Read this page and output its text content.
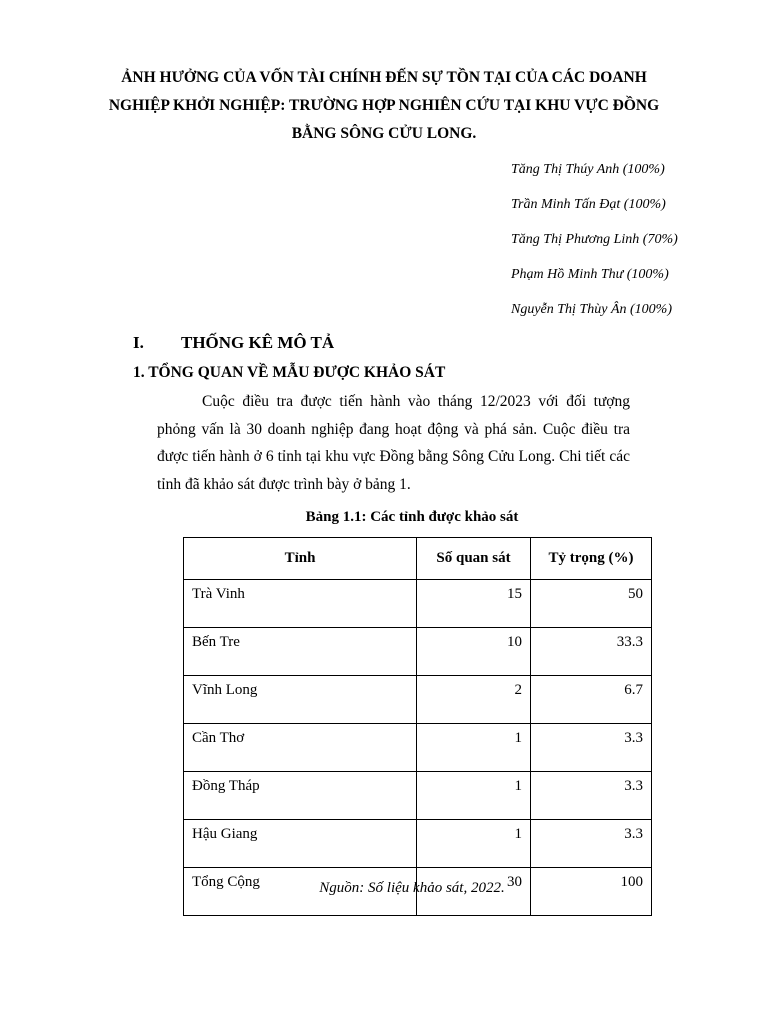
ẢNH HƯỞNG CỦA VỐN TÀI CHÍNH ĐẾN SỰ TỒN TẠI CỦA CÁC DOANH NGHIỆP KHỞI NGHIỆP: TRƯỜNG HỢP NGHIÊN CỨU TẠI KHU VỰC ĐỒNG BẰNG SÔNG CỬU LONG.
Tăng Thị Thúy Anh (100%)
Trần Minh Tấn Đạt (100%)
Tăng Thị Phương Linh (70%)
Phạm Hồ Minh Thư (100%)
Nguyễn Thị Thùy Ân (100%)
I. THỐNG KÊ MÔ TẢ
1. TỔNG QUAN VỀ MẪU ĐƯỢC KHẢO SÁT
Cuộc điều tra được tiến hành vào tháng 12/2023 với đối tượng phỏng vấn là 30 doanh nghiệp đang hoạt động và phá sản. Cuộc điều tra được tiến hành ở 6 tỉnh tại khu vực Đồng bằng Sông Cửu Long. Chi tiết các tỉnh đã khảo sát được trình bày ở bảng 1.
Bảng 1.1: Các tỉnh được khảo sát
Tỉnh	Số quan sát	Tỷ trọng (%)
Trà Vinh	15	50
Bến Tre	10	33.3
Vĩnh Long	2	6.7
Cần Thơ	1	3.3
Đồng Tháp	1	3.3
Hậu Giang	1	3.3
Tổng Cộng	30	100
Nguồn: Số liệu khảo sát, 2022.
